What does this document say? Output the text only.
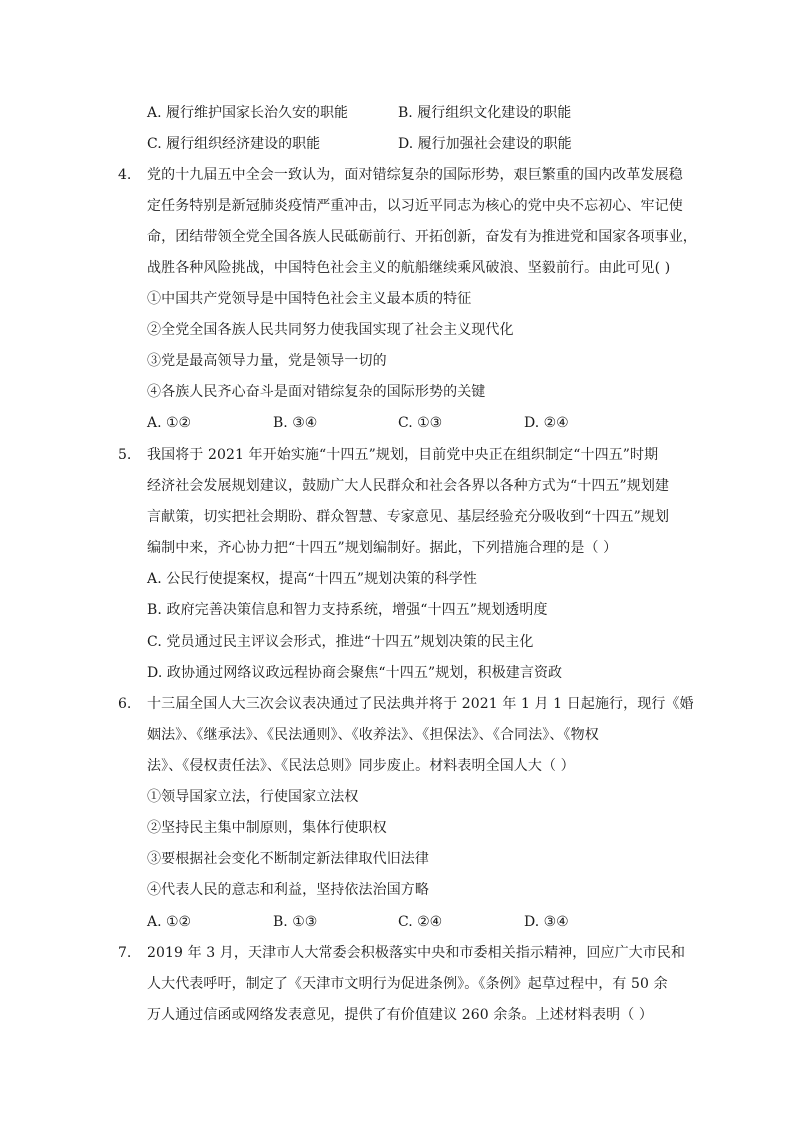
A. 履行维护国家长治久安的职能	B. 履行组织文化建设的职能
C. 履行组织经济建设的职能	D. 履行加强社会建设的职能
4. 党的十九届五中全会一致认为，面对错综复杂的国际形势，艰巨繁重的国内改革发展稳
定任务特别是新冠肺炎疫情严重冲击，以习近平同志为核心的党中央不忘初心、牢记使
命，团结带领全党全国各族人民砥砺前行、开拓创新，奋发有为推进党和国家各项事业，
战胜各种风险挑战，中国特色社会主义的航船继续乘风破浪、坚毅前行。由此可见( )
①中国共产党领导是中国特色社会主义最本质的特征
②全党全国各族人民共同努力使我国实现了社会主义现代化
③党是最高领导力量，党是领导一切的
④各族人民齐心奋斗是面对错综复杂的国际形势的关键
A. ①②	B. ③④	C. ①③	D. ②④
5. 我国将于 2021 年开始实施“十四五”规划，目前党中央正在组织制定“十四五”时期
经济社会发展规划建议，鼓励广大人民群众和社会各界以各种方式为“十四五”规划建
言献策，切实把社会期盼、群众智慧、专家意见、基层经验充分吸收到“十四五”规划
编制中来，齐心协力把“十四五”规划编制好。据此，下列措施合理的是（ ）
A. 公民行使提案权，提高“十四五”规划决策的科学性
B. 政府完善决策信息和智力支持系统，增强“十四五”规划透明度
C. 党员通过民主评议会形式，推进“十四五”规划决策的民主化
D. 政协通过网络议政远程协商会聚焦“十四五”规划，积极建言资政
6. 十三届全国人大三次会议表决通过了民法典并将于 2021 年 1 月 1 日起施行，现行《婚
姻法》、《继承法》、《民法通则》、《收养法》、《担保法》、《合同法》、《物权
法》、《侵权责任法》、《民法总则》同步废止。材料表明全国人大（ ）
①领导国家立法，行使国家立法权
②坚持民主集中制原则，集体行使职权
③要根据社会变化不断制定新法律取代旧法律
④代表人民的意志和利益，坚持依法治国方略
A. ①②	B. ①③	C. ②④	D. ③④
7. 2019 年 3 月，天津市人大常委会积极落实中央和市委相关指示精神，回应广大市民和
人大代表呼吁，制定了《天津市文明行为促进条例》。《条例》起草过程中，有 50 余
万人通过信函或网络发表意见，提供了有价值建议 260 余条。上述材料表明（ ）
